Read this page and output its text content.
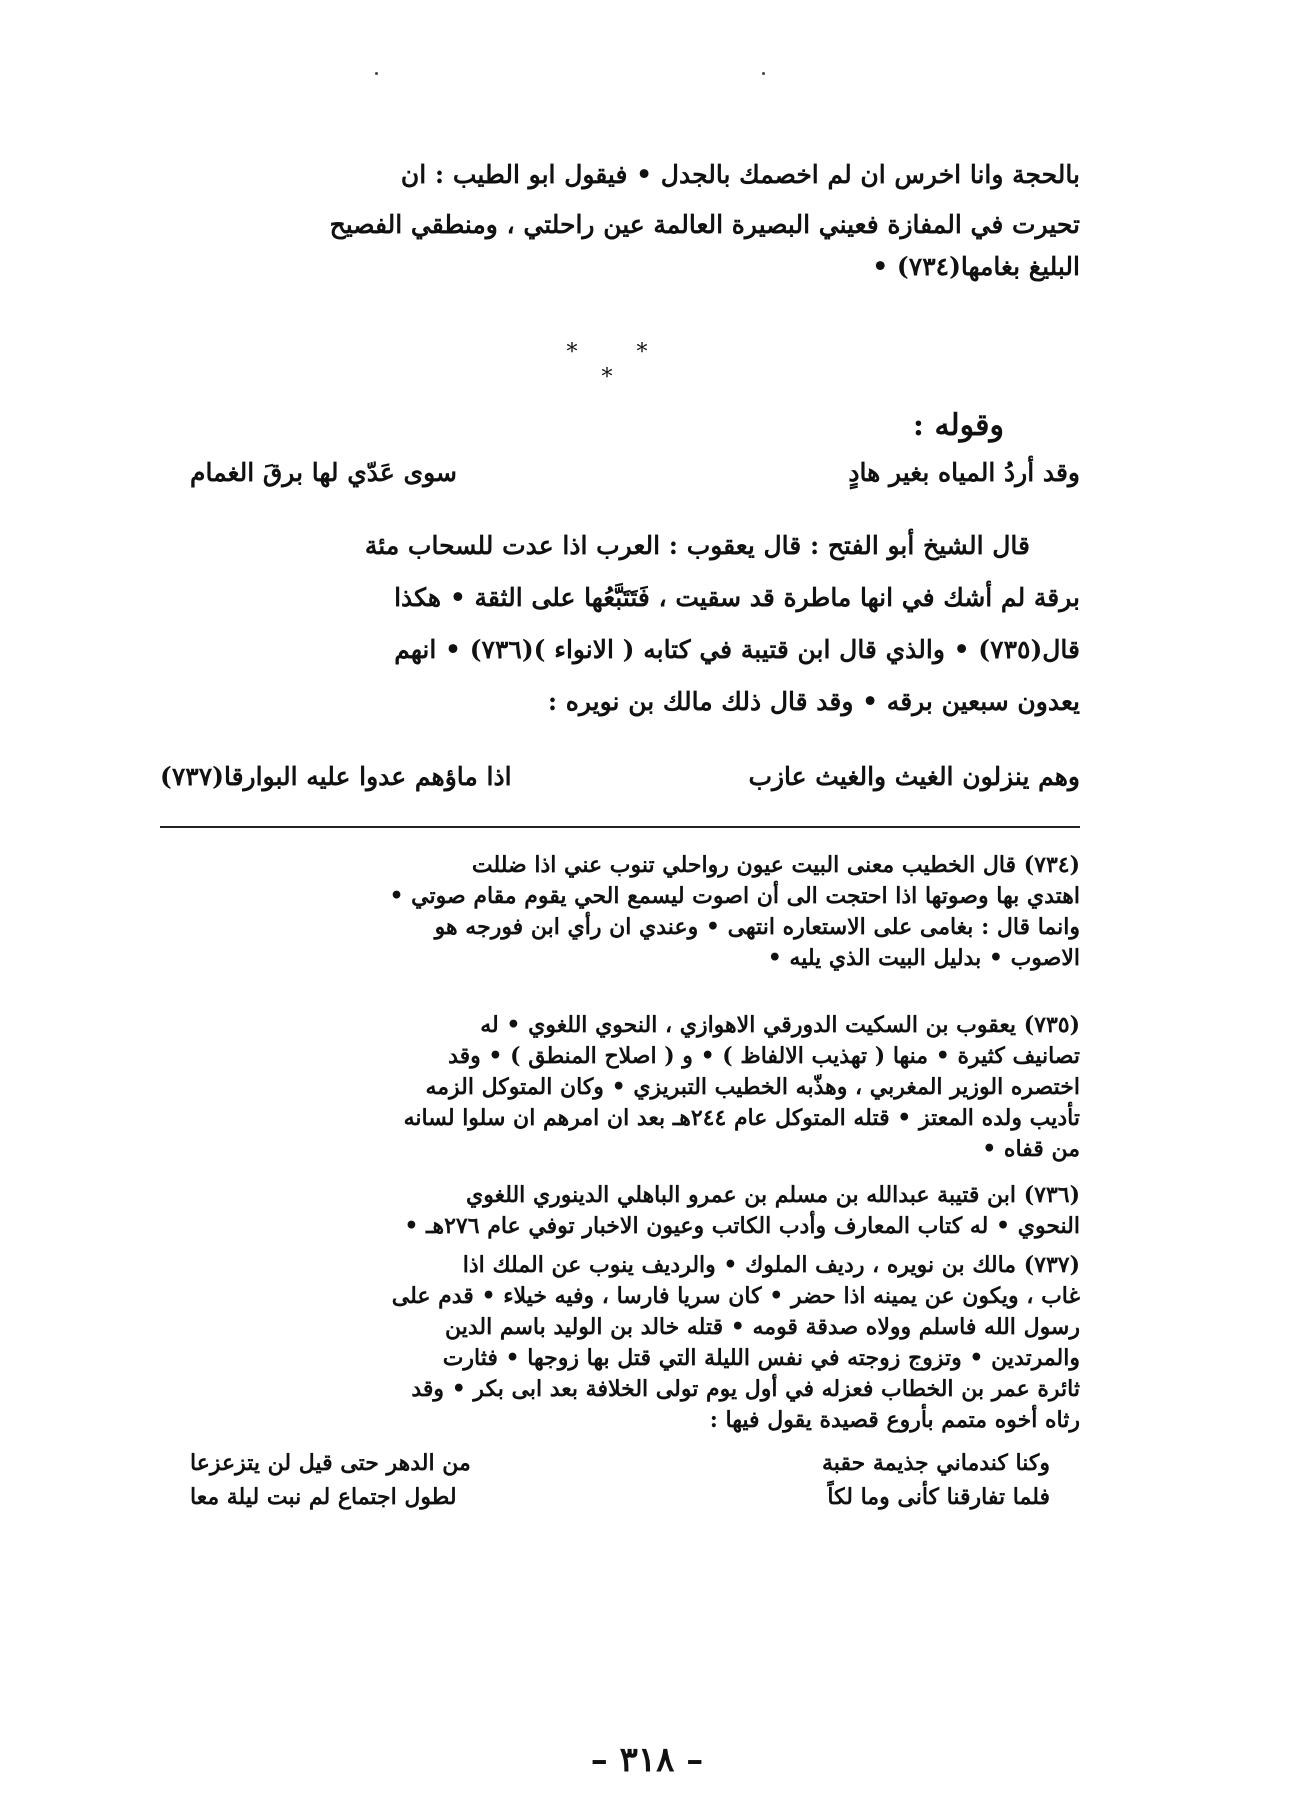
بالحجة وانا اخرس ان لم اخصمك بالجدل • فيقول ابو الطيب : ان
تحيرت في المفازة فعيني البصيرة العالمة عين راحلتي ، ومنطقي الفصيح

البليغ بغامها(٧٣٤) •

* * *
وقوله :
وقد أردُ المياه بغير هادٍ
سوى عَدّي لها برقَ الغمام

قال الشيخ أبو الفتح : قال يعقوب : العرب اذا عدت للسحاب مئة
برقة لم أشك في انها ماطرة قد سقيت ، فَتَتَبَّعُها على الثقة • هكذا
قال(٧٣٥) • والذي قال ابن قتيبة في كتابه ( الانواء )(٧٣٦) • انهم
يعدون سبعين برقه • وقد قال ذلك مالك بن نويره :

وهم ينزلون الغيث والغيث عازب
اذا ماؤهم عدوا عليه البوارقا(٧٣٧)

(٧٣٤) قال الخطيب معنى البيت عيون رواحلي تنوب عني اذا ضللت
اهتدي بها وصوتها اذا احتجت الى أن اصوت ليسمع الحي يقوم مقام صوتي •
وانما قال : بغامى على الاستعاره انتهى • وعندي ان رأي ابن فورجه هو
الاصوب • بدليل البيت الذي يليه •

(٧٣٥) يعقوب بن السكيت الدورقي الاهوازي ، النحوي اللغوي • له
تصانيف كثيرة • منها ( تهذيب الالفاظ ) • و ( اصلاح المنطق ) • وقد
اختصره الوزير المغربي ، وهذّبه الخطيب التبريزي • وكان المتوكل الزمه
تأديب ولده المعتز • قتله المتوكل عام ٢٤٤هـ بعد ان امرهم ان سلوا لسانه
من قفاه •

(٧٣٦) ابن قتيبة عبدالله بن مسلم بن عمرو الباهلي الدينوري اللغوي
النحوي • له كتاب المعارف وأدب الكاتب وعيون الاخبار توفي عام ٢٧٦هـ •

(٧٣٧) مالك بن نويره ، رديف الملوك • والرديف ينوب عن الملك اذا
غاب ، ويكون عن يمينه اذا حضر • كان سريا فارسا ، وفيه خيلاء • قدم على
رسول الله فاسلم وولاه صدقة قومه • قتله خالد بن الوليد باسم الدين
والمرتدين • وتزوج زوجته في نفس الليلة التي قتل بها زوجها • فثارت
ثائرة عمر بن الخطاب فعزله في أول يوم تولى الخلافة بعد ابى بكر • وقد
رثاه أخوه متمم بأروع قصيدة يقول فيها :

وكنا كندماني جذيمة حقبة
من الدهر حتى قيل لن يتزعزعا
فلما تفارقنا كأنى وما لكاً
لطول اجتماع لم نبت ليلة معا
– ٣١٨ –
